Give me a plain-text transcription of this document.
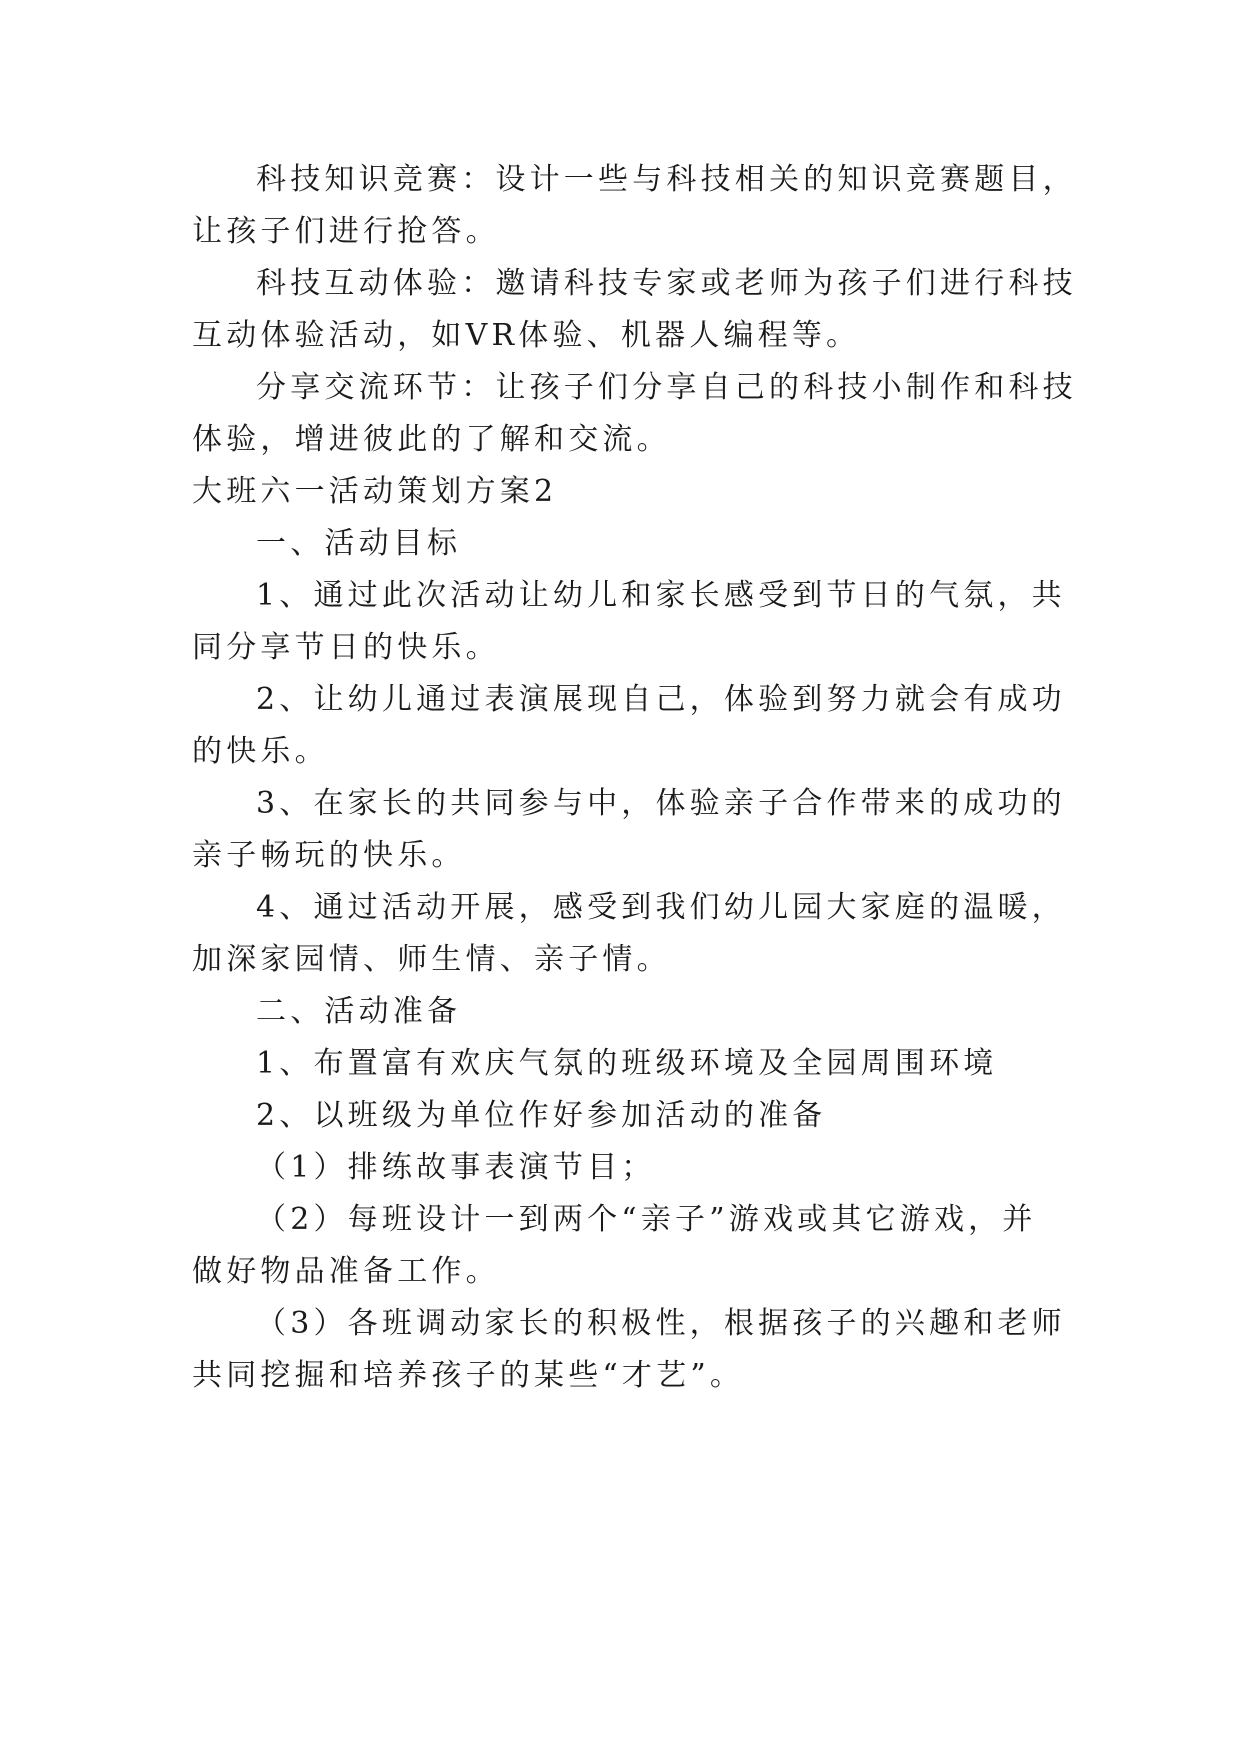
科技知识竞赛：设计一些与科技相关的知识竞赛题目，
让孩子们进行抢答。
科技互动体验：邀请科技专家或老师为孩子们进行科技
互动体验活动，如VR体验、机器人编程等。
分享交流环节：让孩子们分享自己的科技小制作和科技
体验，增进彼此的了解和交流。
大班六一活动策划方案2
一、活动目标
1、通过此次活动让幼儿和家长感受到节日的气氛，共
同分享节日的快乐。
2、让幼儿通过表演展现自己，体验到努力就会有成功
的快乐。
3、在家长的共同参与中，体验亲子合作带来的成功的
亲子畅玩的快乐。
4、通过活动开展，感受到我们幼儿园大家庭的温暖，
加深家园情、师生情、亲子情。
二、活动准备
1、布置富有欢庆气氛的班级环境及全园周围环境
2、以班级为单位作好参加活动的准备
（1）排练故事表演节目；
（2）每班设计一到两个“亲子”游戏或其它游戏，并
做好物品准备工作。
（3）各班调动家长的积极性，根据孩子的兴趣和老师
共同挖掘和培养孩子的某些“才艺”。
